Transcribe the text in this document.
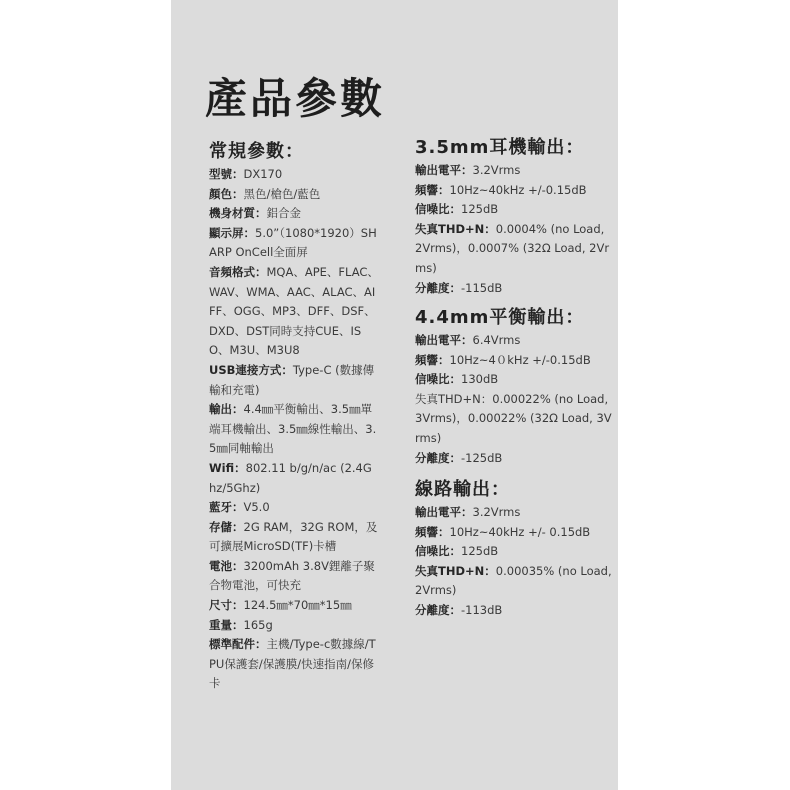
產品參數
常規參數：
型號：DX170
顏色：黑色/槍色/藍色
機身材質：鋁合金
顯示屏：5.0”（1080*1920）SHARP OnCell全面屏
音頻格式：MQA、APE、FLAC、WAV、WMA、AAC、ALAC、AIFF、OGG、MP3、DFF、DSF、DXD、DST同時支持CUE、ISO、M3U、M3U8
USB連接方式：Type-C (數據傳輸和充電)
輸出：4.4㎜平衡輸出、3.5㎜單端耳機輸出、3.5㎜線性輸出、3.5㎜同軸輸出
Wifi：802.11 b/g/n/ac (2.4Ghz/5Ghz)
藍牙：V5.0
存儲：2G RAM，32G ROM，及可擴展MicroSD(TF)卡槽
電池：3200mAh 3.8V鋰離子聚合物電池，可快充
尺寸：124.5㎜*70㎜*15㎜
重量：165g
標準配件：主機/Type-c數據線/TPU保護套/保護膜/快速指南/保修卡
3.5mm耳機輸出：
輸出電平：3.2Vrms
頻響：10Hz~40kHz +/-0.15dB
信噪比：125dB
失真THD+N：0.0004% (no Load, 2Vrms)，0.0007% (32Ω Load, 2Vrms)
分離度：-115dB
4.4mm平衡輸出：
輸出電平：6.4Vrms
頻響：10Hz~4０kHz +/-0.15dB
信噪比：130dB
失真THD+N：0.00022% (no Load, 3Vrms)，0.00022% (32Ω Load, 3Vrms)
分離度：-125dB
線路輸出：
輸出電平：3.2Vrms
頻響：10Hz~40kHz +/- 0.15dB
信噪比：125dB
失真THD+N：0.00035% (no Load, 2Vrms)
分離度：-113dB
